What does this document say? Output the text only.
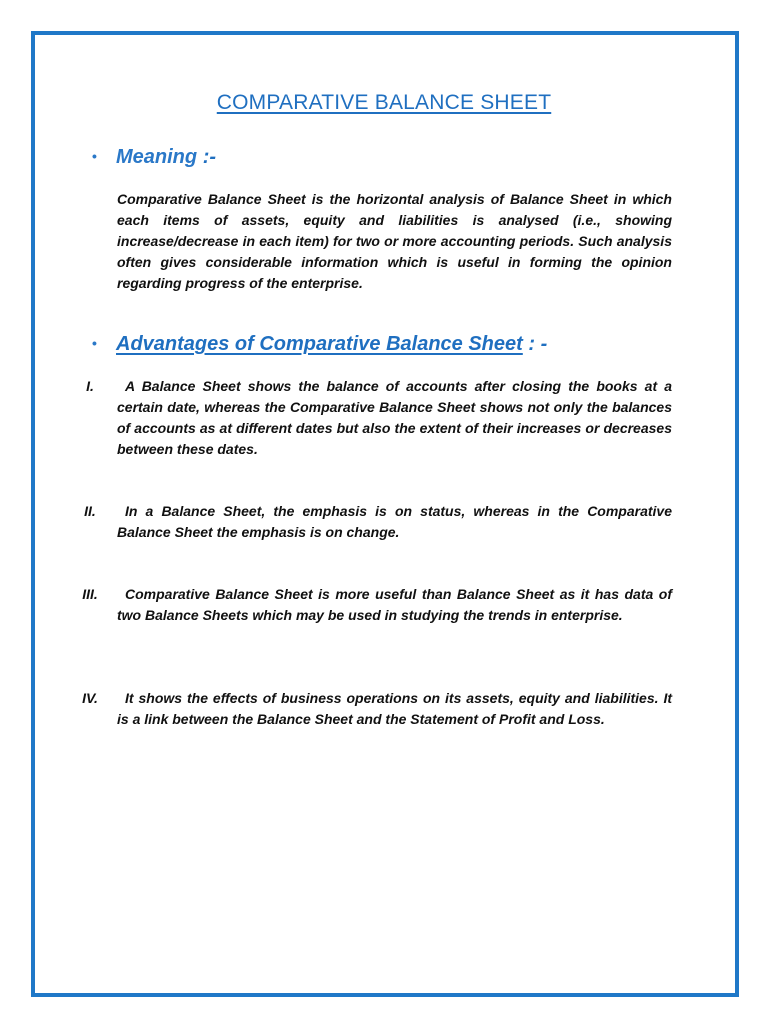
COMPARATIVE BALANCE SHEET
• Meaning :-
Comparative Balance Sheet is the horizontal analysis of Balance Sheet in which each items of assets, equity and liabilities is analysed (i.e., showing increase/decrease in each item) for two or more accounting periods. Such analysis often gives considerable information which is useful in forming the opinion regarding progress of the enterprise.
• Advantages of Comparative Balance Sheet : -
I.	A Balance Sheet shows the balance of accounts after closing the books at a certain date, whereas the Comparative Balance Sheet shows not only the balances of accounts as at different dates but also the extent of their increases or decreases between these dates.
II.	In a Balance Sheet, the emphasis is on status, whereas in the Comparative Balance Sheet the emphasis is on change.
III.	Comparative Balance Sheet is more useful than Balance Sheet as it has data of two Balance Sheets which may be used in studying the trends in enterprise.
IV.	It shows the effects of business operations on its assets, equity and liabilities. It is a link between the Balance Sheet and the Statement of Profit and Loss.
